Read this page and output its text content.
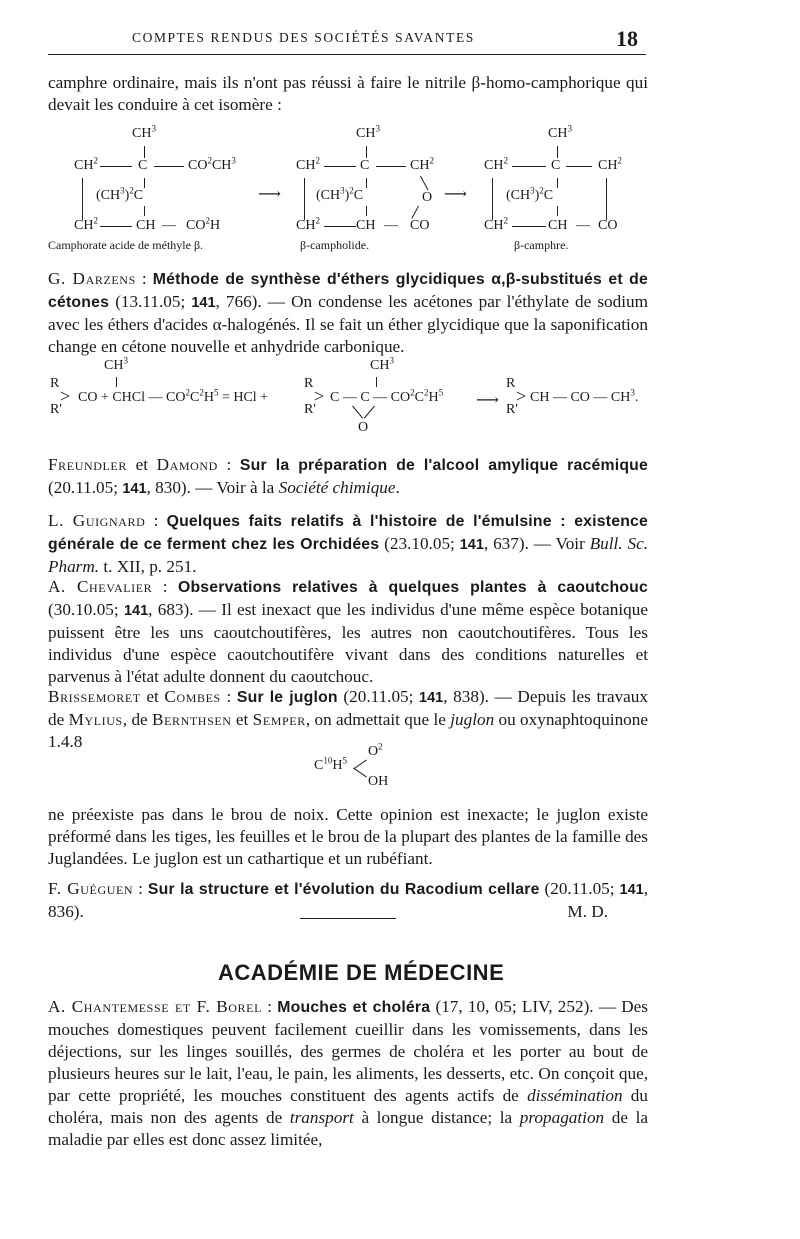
COMPTES RENDUS DES SOCIÉTÉS SAVANTES	18

camphre ordinaire, mais ils n'ont pas réussi à faire le nitrile β-homo-camphorique qui devait les conduire à cet isomère :

$CH^3$
$CH^2$	C	$CO^2CH^3$
$(CH^3)^2C$
$CH^2$	CH — $CO^2H$
⟶
$CH^3$
$CH^2$	C	$CH^2$
$(CH^3)^2C$	O
$CH^2$	CH — CO
⟶
$CH^3$
$CH^2$	C	$CH^2$
$(CH^3)^2C$
$CH^2$	CH — CO
Camphorate acide de méthyle β.	β-campholide.	β-camphre.

G. Darzens : Méthode de synthèse d'éthers glycidiques α,β-substitués et de cétones (13.11.05; 141, 766). — On condense les acétones par l'éthylate de sodium avec les éthers d'acides α-halogénés. Il se fait un éther glycidique que la saponification change en cétone nouvelle et anhydride carbonique.

$CH^3$
R
R'
> CO + CHCl — $CO^2C^2H^5$ = HCl +
$CH^3$
R
R'
> C — C — $CO^2C^2H^5$
O
⟶
R
R'
> CH — CO — $CH^3$.

Freundler et Damond : Sur la préparation de l'alcool amylique racémique (20.11.05; 141, 830). — Voir à la Société chimique.

L. Guignard : Quelques faits relatifs à l'histoire de l'émulsine : existence générale de ce ferment chez les Orchidées (23.10.05; 141, 637). — Voir Bull. Sc. Pharm. t. XII, p. 251.

A. Chevalier : Observations relatives à quelques plantes à caoutchouc (30.10.05; 141, 683). — Il est inexact que les individus d'une même espèce botanique puissent être les uns caoutchoutifères, les autres non caoutchoutifères. Tous les individus d'une espèce caoutchoutifère vivant dans des conditions naturelles et parvenus à l'état adulte donnent du caoutchouc.

Brissemoret et Combes : Sur le juglon (20.11.05; 141, 838). — Depuis les travaux de Mylius, de Bernthsen et Semper, on admettait que le juglon ou oxynaphtoquinone 1.4.8

$C^{10}H^5$
$O^2$
OH

ne préexiste pas dans le brou de noix. Cette opinion est inexacte; le juglon existe préformé dans les tiges, les feuilles et le brou de la plupart des plantes de la famille des Juglandées. Le juglon est un cathartique et un rubéfiant.

F. Guéguen : Sur la structure et l'évolution du Racodium cellare (20.11.05; 141, 836).	M. D.

ACADÉMIE DE MÉDECINE

A. Chantemesse et F. Borel : Mouches et choléra (17, 10, 05; LIV, 252). — Des mouches domestiques peuvent facilement cueillir dans les vomissements, dans les déjections, sur les linges souillés, des germes de choléra et les porter au bout de plusieurs heures sur le lait, l'eau, le pain, les aliments, les desserts, etc. On conçoit que, par cette propriété, les mouches constituent des agents actifs de dissémination du choléra, mais non des agents de transport à longue distance; la propagation de la maladie par elles est donc assez limitée,
